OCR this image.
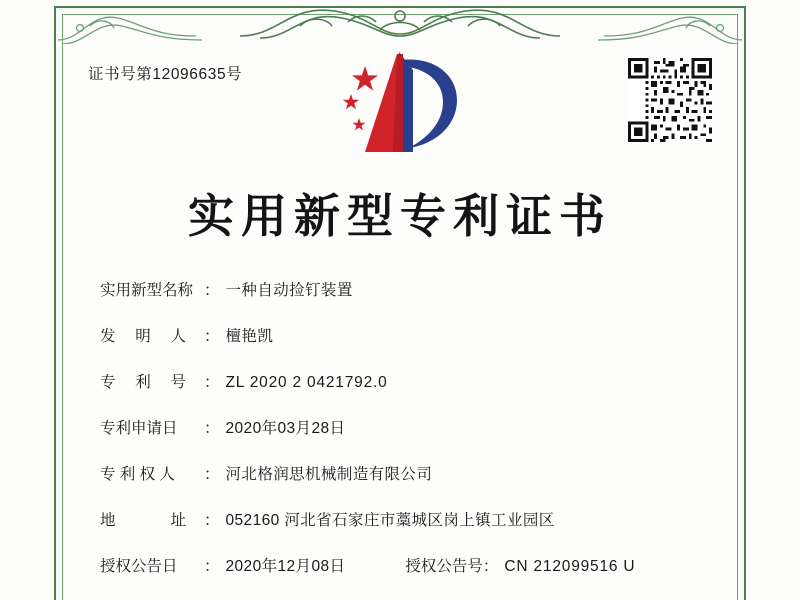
证书号第12096635号
实用新型专利证书
实用新型名称 ： 一种自动捡钉装置
发 明 人 ： 檀艳凯
专 利 号 ： ZL 2020 2 0421792.0
专利申请日	： 2020年03月28日
专 利 权 人	： 河北格润思机械制造有限公司
地 址 ： 052160 河北省石家庄市藁城区岗上镇工业园区
授权公告日	： 2020年12月08日	授权公告号 ： CN 212099516 U
